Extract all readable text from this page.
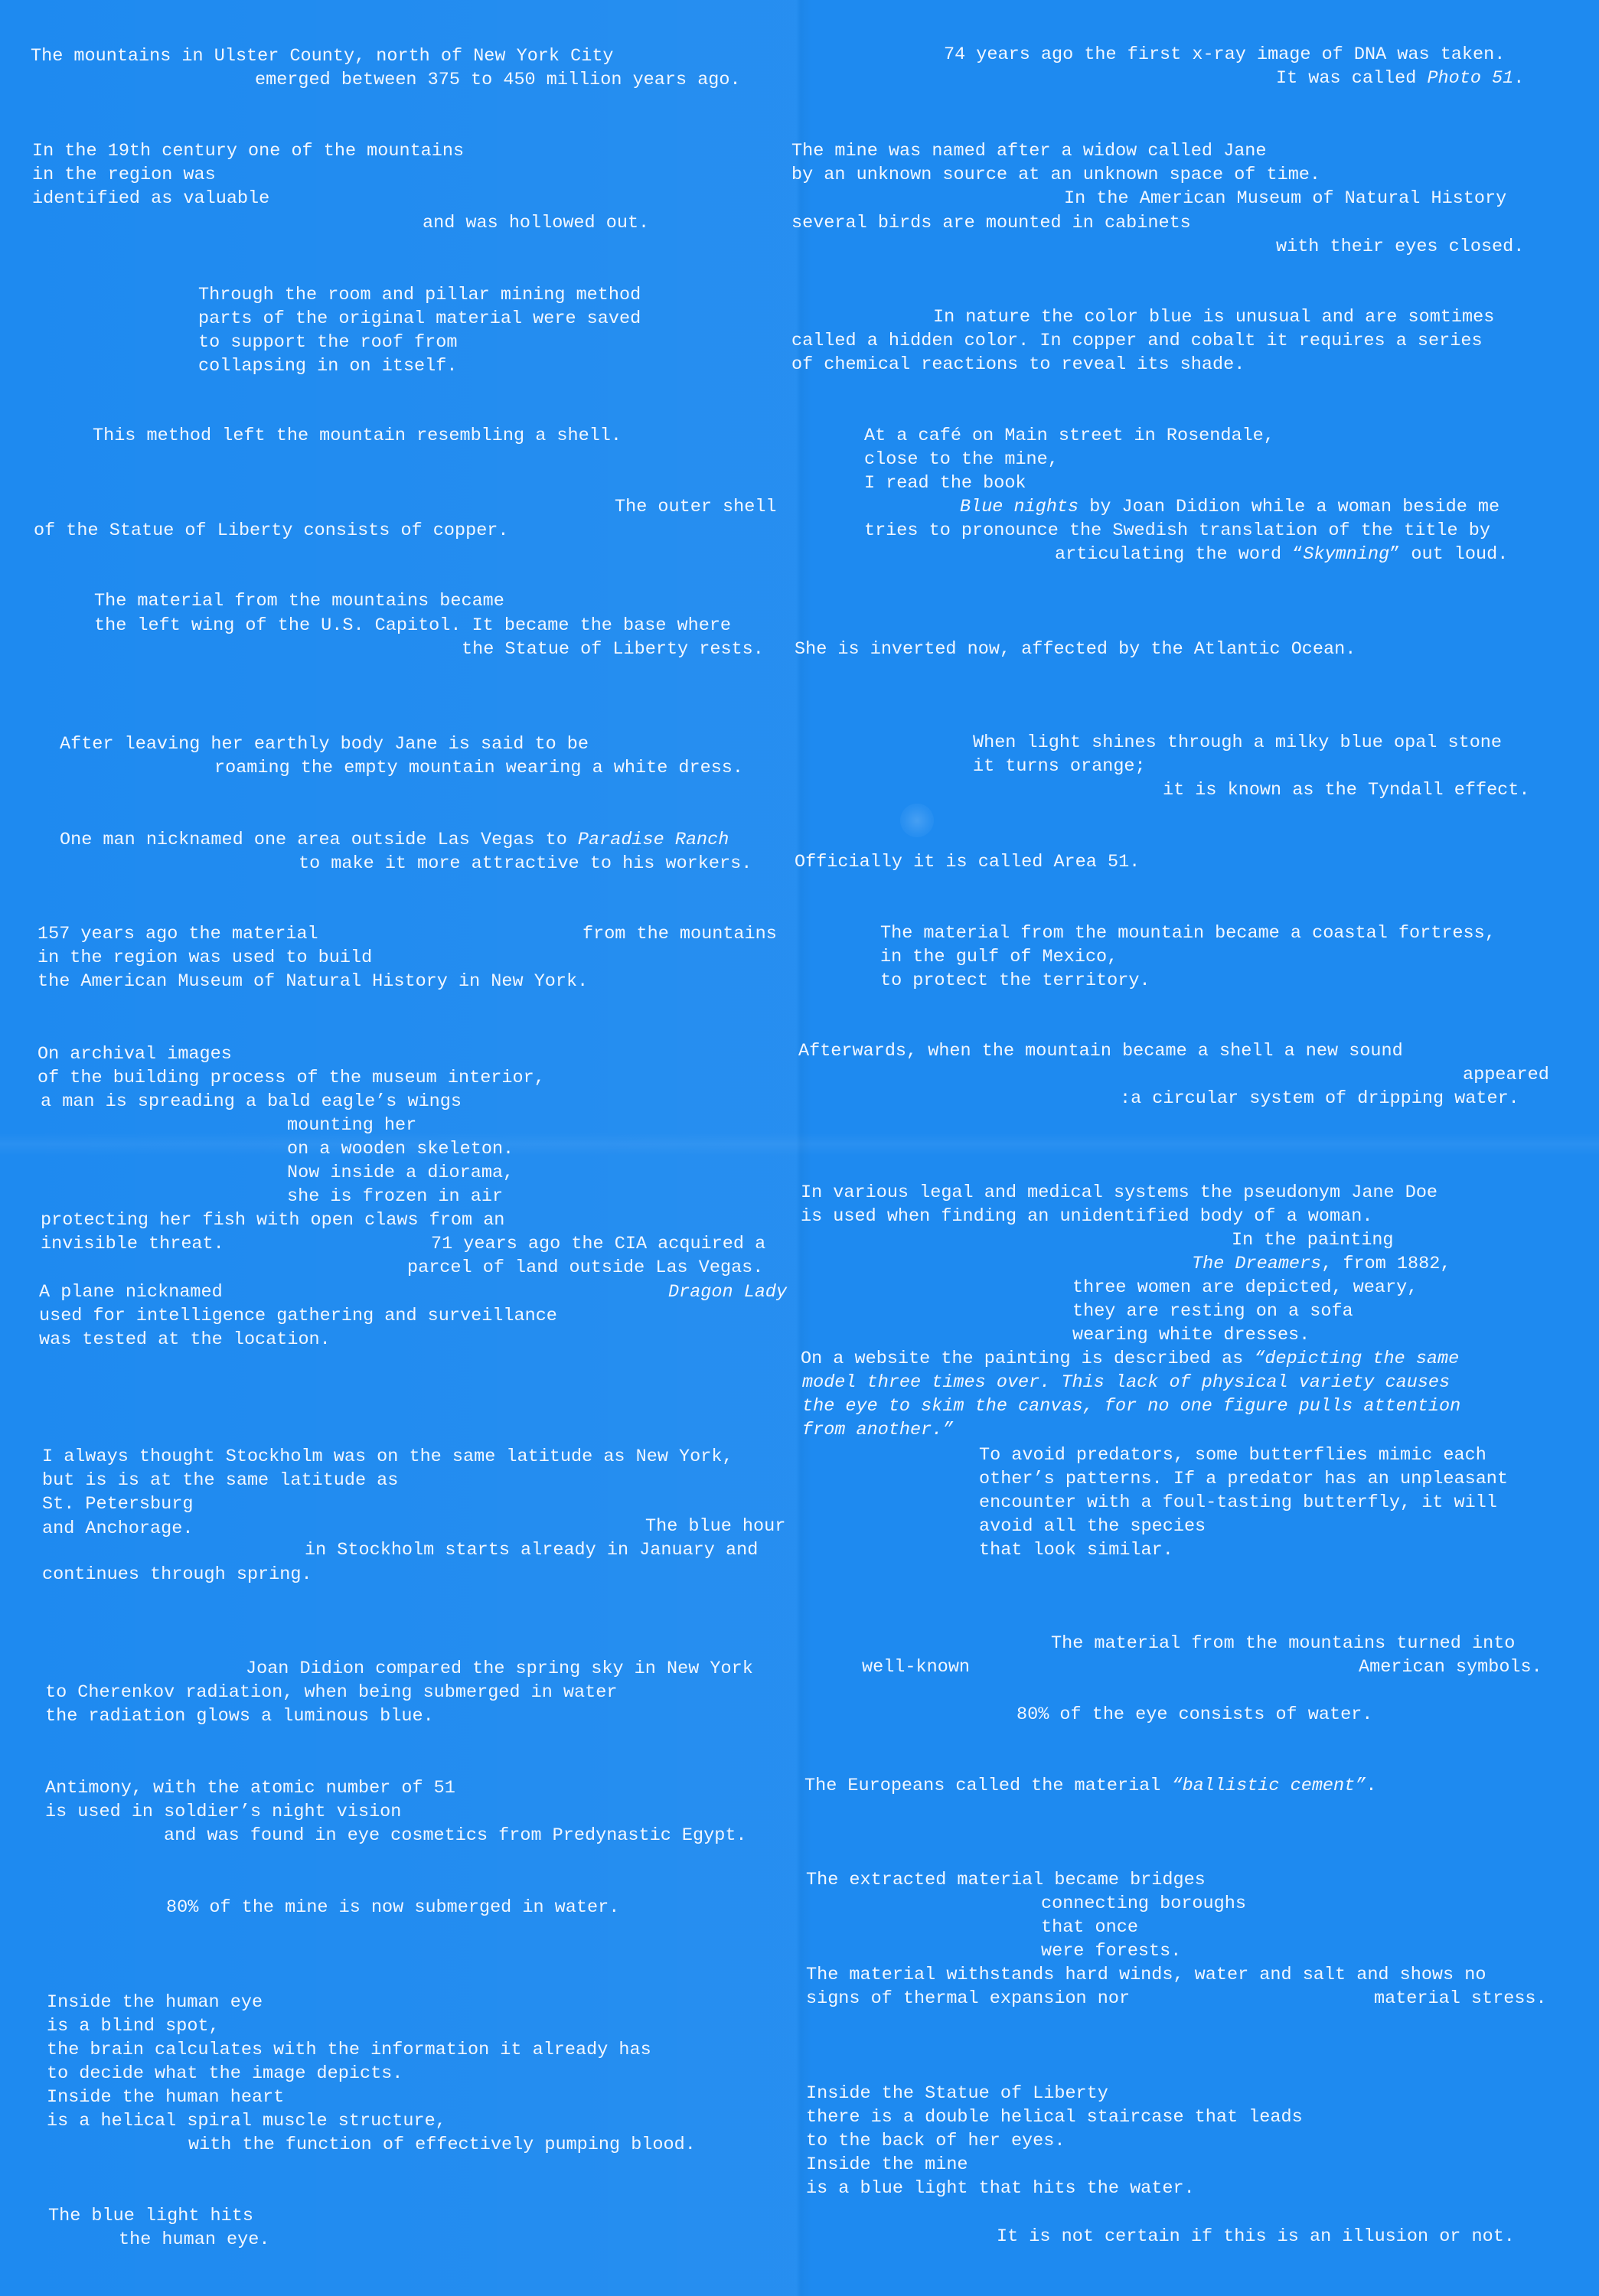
The mountains in Ulster County, north of New York City
emerged between 375 to 450 million years ago.
In the 19th century one of the mountains
in the region was
identified as valuable
and was hollowed out.
Through the room and pillar mining method
parts of the original material were saved
to support the roof from
collapsing in on itself.
This method left the mountain resembling a shell.
The outer shell
of the Statue of Liberty consists of copper.
The material from the mountains became
the left wing of the U.S. Capitol. It became the base where
the Statue of Liberty rests.
After leaving her earthly body Jane is said to be
roaming the empty mountain wearing a white dress.
One man nicknamed one area outside Las Vegas to Paradise Ranch
to make it more attractive to his workers.
157 years ago the material	from the mountains
in the region was used to build
the American Museum of Natural History in New York.
On archival images
of the building process of the museum interior,
a man is spreading a bald eagle’s wings
mounting her
on a wooden skeleton.
Now inside a diorama,
she is frozen in air
protecting her fish with open claws from an
invisible threat.	71 years ago the CIA acquired a
parcel of land outside Las Vegas.
A plane nicknamed	Dragon Lady
used for intelligence gathering and surveillance
was tested at the location.
I always thought Stockholm was on the same latitude as New York,
but is is at the same latitude as
St. Petersburg
and Anchorage.	The blue hour
in Stockholm starts already in January and
continues through spring.
Joan Didion compared the spring sky in New York
to Cherenkov radiation, when being submerged in water
the radiation glows a luminous blue.
Antimony, with the atomic number of 51
is used in soldier’s night vision
and was found in eye cosmetics from Predynastic Egypt.
80% of the mine is now submerged in water.
Inside the human eye
is a blind spot,
the brain calculates with the information it already has
to decide what the image depicts.
Inside the human heart
is a helical spiral muscle structure,
with the function of effectively pumping blood.
The blue light hits
the human eye.
74 years ago the first x-ray image of DNA was taken.
It was called Photo 51.
The mine was named after a widow called Jane
by an unknown source at an unknown space of time.
In the American Museum of Natural History
several birds are mounted in cabinets
with their eyes closed.
In nature the color blue is unusual and are somtimes
called a hidden color. In copper and cobalt it requires a series
of chemical reactions to reveal its shade.
At a café on Main street in Rosendale,
close to the mine,
I read the book
Blue nights by Joan Didion while a woman beside me
tries to pronounce the Swedish translation of the title by
articulating the word “Skymning” out loud.
She is inverted now, affected by the Atlantic Ocean.
When light shines through a milky blue opal stone
it turns orange;
it is known as the Tyndall effect.
Officially it is called Area 51.
The material from the mountain became a coastal fortress,
in the gulf of Mexico,
to protect the territory.
Afterwards, when the mountain became a shell a new sound
appeared
:a circular system of dripping water.
In various legal and medical systems the pseudonym Jane Doe
is used when finding an unidentified body of a woman.
In the painting
The Dreamers, from 1882,
three women are depicted, weary,
they are resting on a sofa
wearing white dresses.
On a website the painting is described as “depicting the same
model three times over. This lack of physical variety causes
the eye to skim the canvas, for no one figure pulls attention
from another.”
To avoid predators, some butterflies mimic each
other’s patterns. If a predator has an unpleasant
encounter with a foul-tasting butterfly, it will
avoid all the species
that look similar.
The material from the mountains turned into
well-known	American symbols.
80% of the eye consists of water.
The Europeans called the material “ballistic cement”.
The extracted material became bridges
connecting boroughs
that once
were forests.
The material withstands hard winds, water and salt and shows no
signs of thermal expansion nor	material stress.
Inside the Statue of Liberty
there is a double helical staircase that leads
to the back of her eyes.
Inside the mine
is a blue light that hits the water.
It is not certain if this is an illusion or not.
